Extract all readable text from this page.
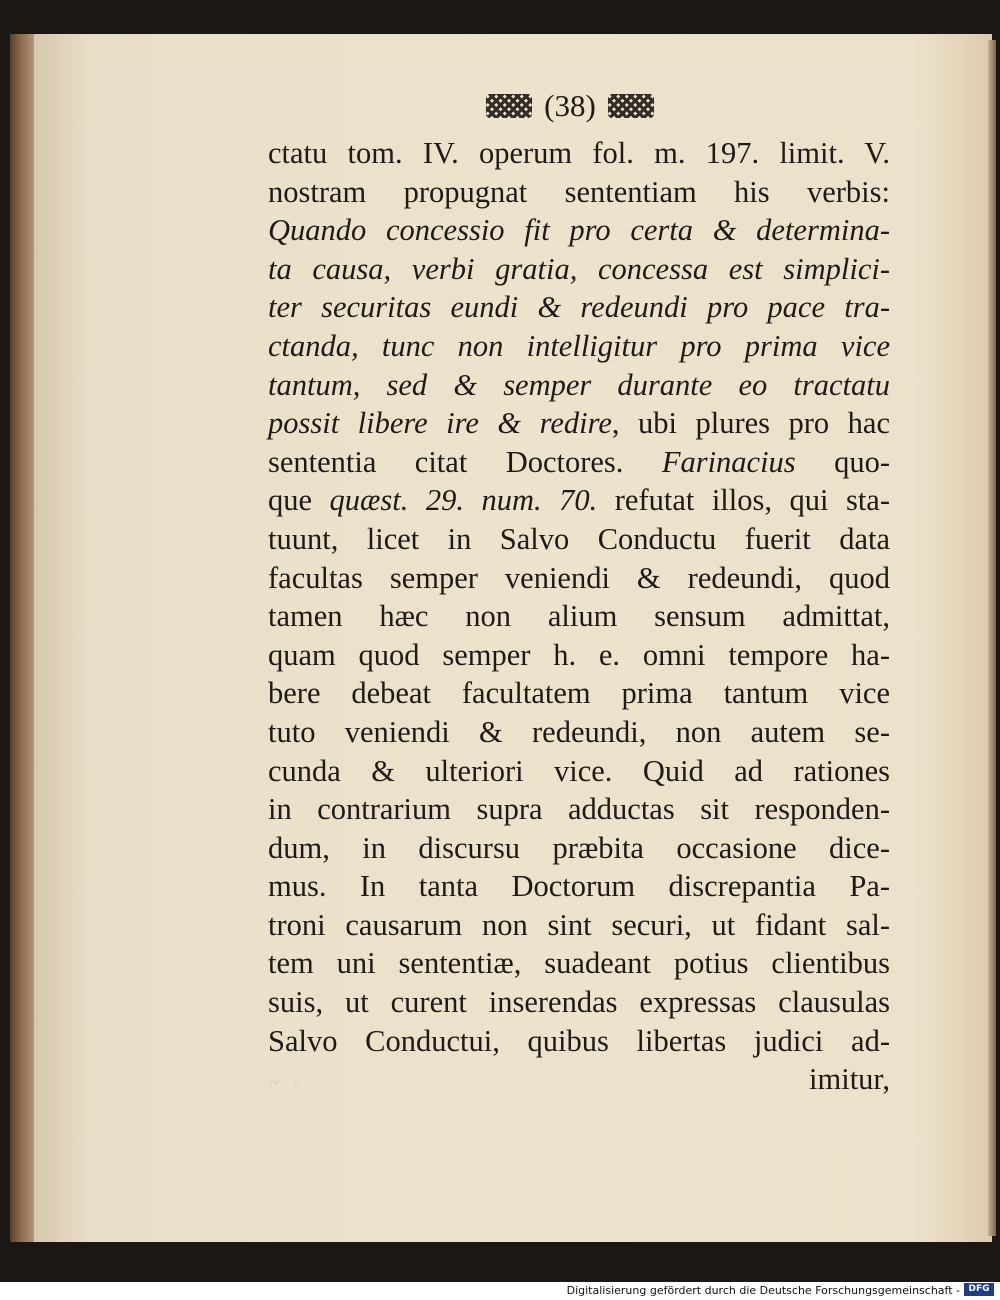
˜ ˙
(38)
ctatu tom. IV. operum fol. m. 197. limit. V.
nostram propugnat sententiam his verbis:
Quando concessio fit pro certa & determina-
ta causa, verbi gratia, concessa est simplici-
ter securitas eundi & redeundi pro pace tra-
ctanda, tunc non intelligitur pro prima vice
tantum, sed & semper durante eo tractatu
possit libere ire & redire, ubi plures pro hac
sententia citat Doctores. Farinacius quo-
que quæst. 29. num. 70. refutat illos, qui sta-
tuunt, licet in Salvo Conductu fuerit data
facultas semper veniendi & redeundi, quod
tamen hæc non alium sensum admittat,
quam quod semper h. e. omni tempore ha-
bere debeat facultatem prima tantum vice
tuto veniendi & redeundi, non autem se-
cunda & ulteriori vice. Quid ad rationes
in contrarium supra adductas sit responden-
dum, in discursu præbita occasione dice-
mus. In tanta Doctorum discrepantia Pa-
troni causarum non sint securi, ut fidant sal-
tem uni sententiæ, suadeant potius clientibus
suis, ut curent inserendas expressas clausulas
Salvo Conductui, quibus libertas judici ad-
imitur,
Digitalisierung gefördert durch die Deutsche Forschungsgemeinschaft - DFG
